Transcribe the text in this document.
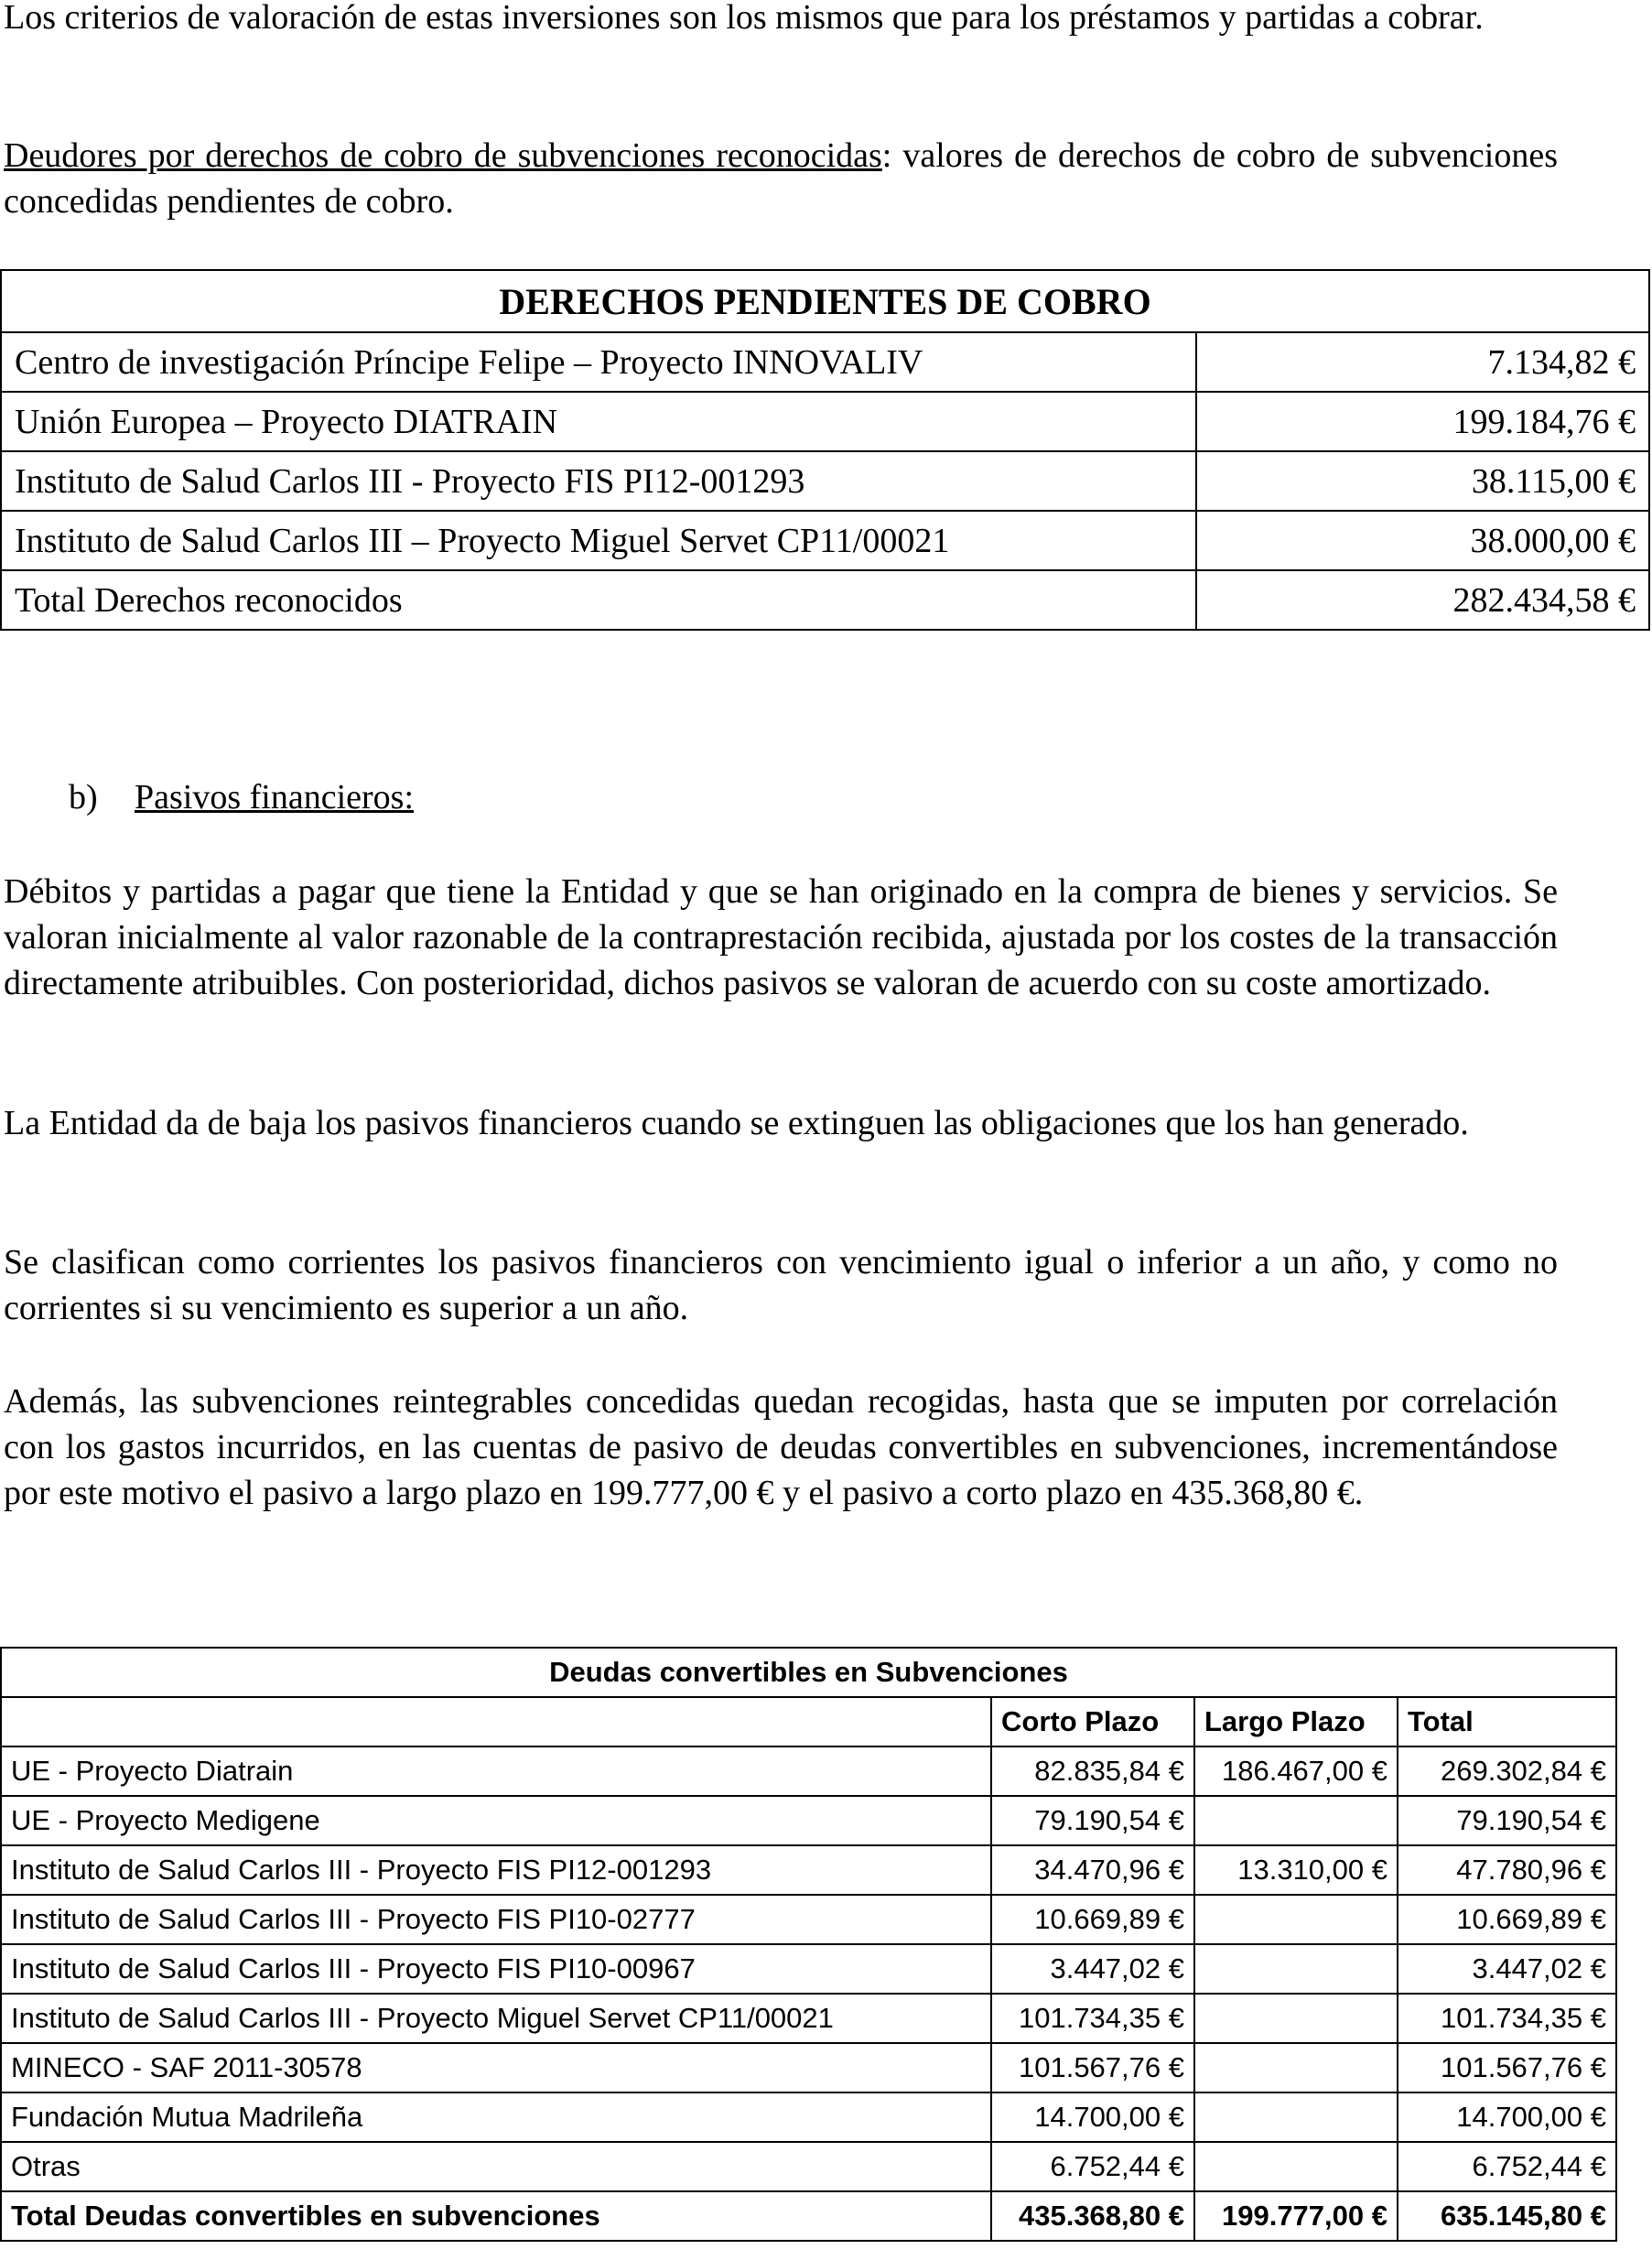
Los criterios de valoración de estas inversiones son los mismos que para los préstamos y partidas a cobrar.

Deudores por derechos de cobro de subvenciones reconocidas: valores de derechos de cobro de subvenciones concedidas pendientes de cobro.

DERECHOS PENDIENTES DE COBRO	
Centro de investigación Príncipe Felipe – Proyecto INNOVALIV	7.134,82 €
Unión Europea – Proyecto DIATRAIN	199.184,76 €
Instituto de Salud Carlos III - Proyecto FIS PI12-001293	38.115,00 €
Instituto de Salud Carlos III – Proyecto Miguel Servet CP11/00021	38.000,00 €
Total Derechos reconocidos	282.434,58 €
b) Pasivos financieros:

Débitos y partidas a pagar que tiene la Entidad y que se han originado en la compra de bienes y servicios. Se valoran inicialmente al valor razonable de la contraprestación recibida, ajustada por los costes de la transacción directamente atribuibles. Con posterioridad, dichos pasivos se valoran de acuerdo con su coste amortizado.

La Entidad da de baja los pasivos financieros cuando se extinguen las obligaciones que los han generado.

Se clasifican como corrientes los pasivos financieros con vencimiento igual o inferior a un año, y como no corrientes si su vencimiento es superior a un año.

Además, las subvenciones reintegrables concedidas quedan recogidas, hasta que se imputen por correlación con los gastos incurridos, en las cuentas de pasivo de deudas convertibles en subvenciones, incrementándose por este motivo el pasivo a largo plazo en 199.777,00 € y el pasivo a corto plazo en 435.368,80 €.

Deudas convertibles en Subvenciones			
	Corto Plazo	Largo Plazo	Total
UE - Proyecto Diatrain	82.835,84 €	186.467,00 €	269.302,84 €
UE - Proyecto Medigene	79.190,54 €		79.190,54 €
Instituto de Salud Carlos III - Proyecto FIS PI12-001293	34.470,96 €	13.310,00 €	47.780,96 €
Instituto de Salud Carlos III - Proyecto FIS PI10-02777	10.669,89 €		10.669,89 €
Instituto de Salud Carlos III - Proyecto FIS PI10-00967	3.447,02 €		3.447,02 €
Instituto de Salud Carlos III - Proyecto Miguel Servet CP11/00021	101.734,35 €		101.734,35 €
MINECO - SAF 2011-30578	101.567,76 €		101.567,76 €
Fundación Mutua Madrileña	14.700,00 €		14.700,00 €
Otras	6.752,44 €		6.752,44 €
Total Deudas convertibles en subvenciones	435.368,80 €	199.777,00 €	635.145,80 €
